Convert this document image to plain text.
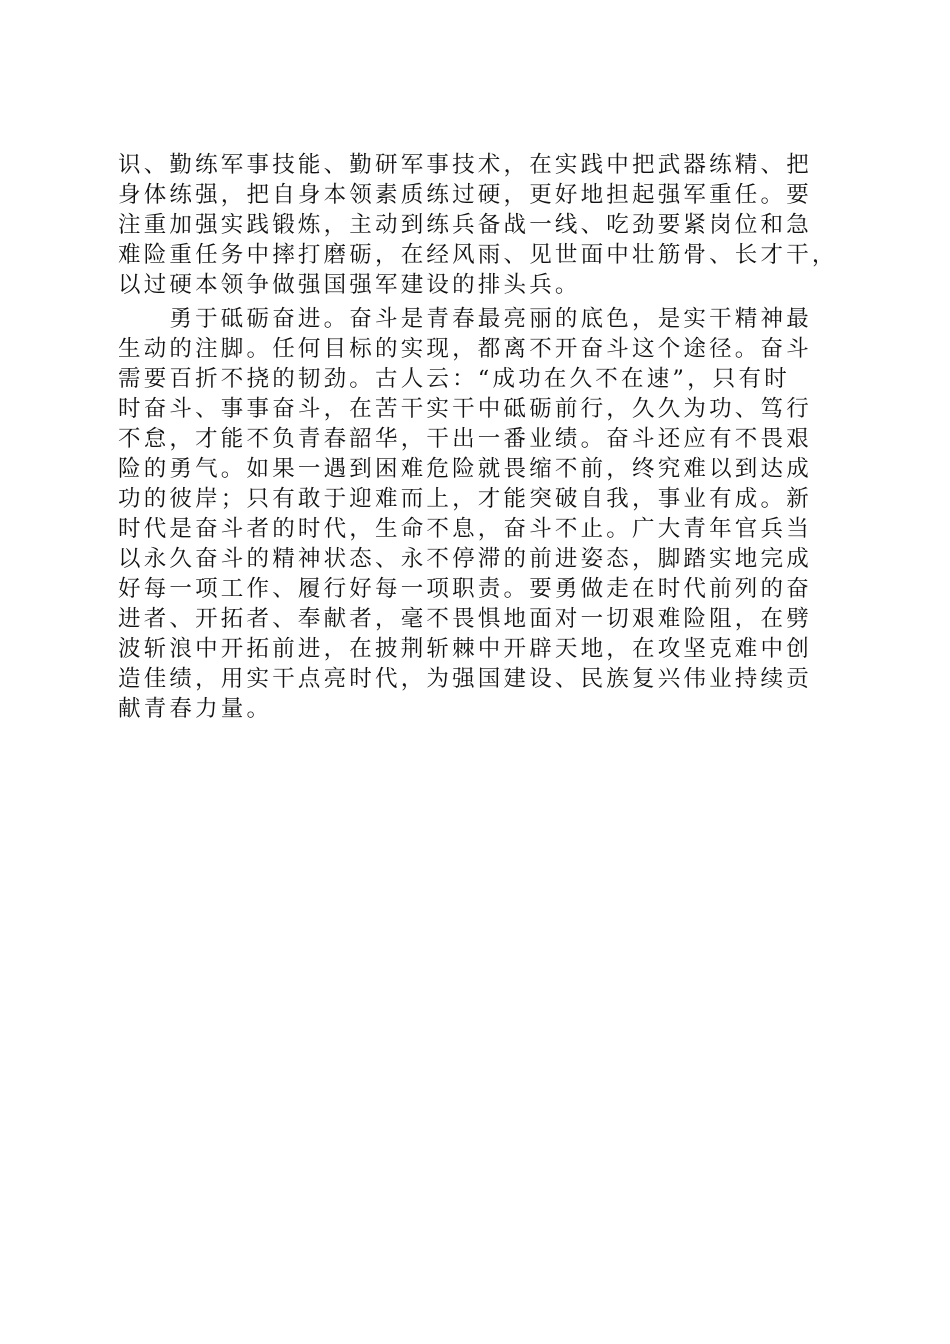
识、勤练军事技能、勤研军事技术，在实践中把武器练精、把
身体练强，把自身本领素质练过硬，更好地担起强军重任。要
注重加强实践锻炼，主动到练兵备战一线、吃劲要紧岗位和急
难险重任务中摔打磨砺，在经风雨、见世面中壮筋骨、长才干，
以过硬本领争做强国强军建设的排头兵。
　　勇于砥砺奋进。奋斗是青春最亮丽的底色，是实干精神最
生动的注脚。任何目标的实现，都离不开奋斗这个途径。奋斗
需要百折不挠的韧劲。古人云：“成功在久不在速”，只有时
时奋斗、事事奋斗，在苦干实干中砥砺前行，久久为功、笃行
不怠，才能不负青春韶华，干出一番业绩。奋斗还应有不畏艰
险的勇气。如果一遇到困难危险就畏缩不前，终究难以到达成
功的彼岸；只有敢于迎难而上，才能突破自我，事业有成。新
时代是奋斗者的时代，生命不息，奋斗不止。广大青年官兵当
以永久奋斗的精神状态、永不停滞的前进姿态，脚踏实地完成
好每一项工作、履行好每一项职责。要勇做走在时代前列的奋
进者、开拓者、奉献者，毫不畏惧地面对一切艰难险阻，在劈
波斩浪中开拓前进，在披荆斩棘中开辟天地，在攻坚克难中创
造佳绩，用实干点亮时代，为强国建设、民族复兴伟业持续贡
献青春力量。
